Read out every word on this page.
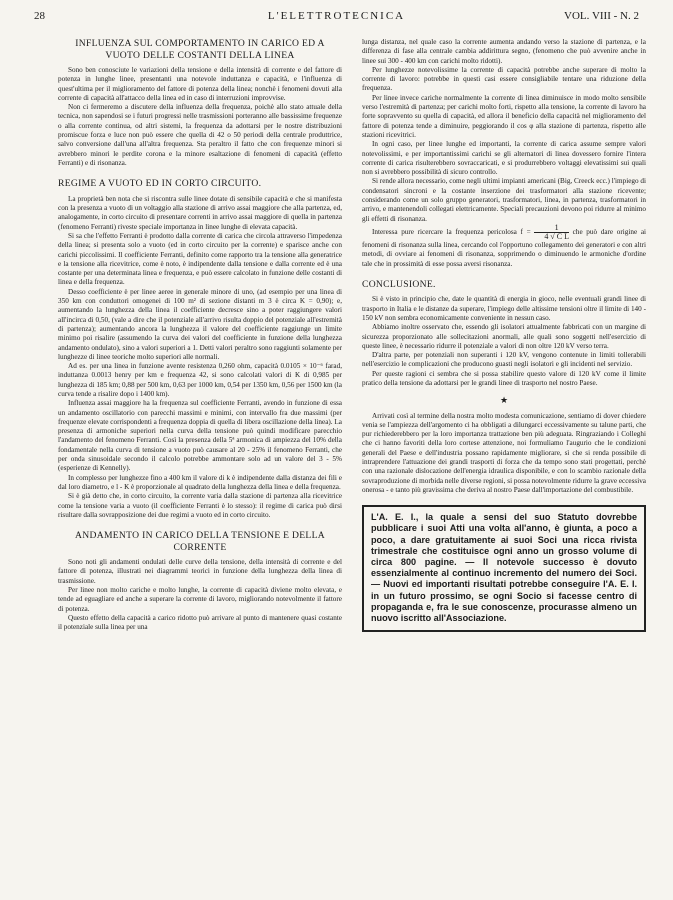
28	L'ELETTROTECNICA	VOL. VIII - N. 2
INFLUENZA SUL COMPORTAMENTO IN CARICO ED A VUOTO DELLE COSTANTI DELLA LINEA

Sono ben conosciute le variazioni della tensione e della intensità di corrente e del fattore di potenza in lunghe linee, presentanti una notevole induttanza e capacità, e l'influenza di quest'ultima per il miglioramento del fattore di potenza della linea; nonchè i fenomeni dovuti alla corrente di capacità all'attacco della linea ed in caso di interruzioni improvvise.

Non ci fermeremo a discutere della influenza della frequenza, poichè allo stato attuale della tecnica, non sapendosi se i futuri progressi nelle trasmissioni porteranno alle bassissime frequenze o alla corrente continua, od altri sistemi, la frequenza da adottarsi per le nostre distribuzioni promiscue forza e luce non può essere che quella di 42 o 50 periodi della centrale produttrice, salvo conversione dall'una all'altra frequenza. Sta peraltro il fatto che con frequenze minori si avrebbero minori le perdite corona e la minore esaltazione di fenomeni di capacità (effetto Ferranti) e di risonanza.

REGIME A VUOTO ED IN CORTO CIRCUITO.

La proprietà ben nota che si riscontra sulle linee dotate di sensibile capacità e che si manifesta con la presenza a vuoto di un voltaggio alla stazione di arrivo assai maggiore che alla partenza, ed, analogamente, in corto circuito di presentare correnti in arrivo assai maggiore di quella in partenza (fenomeno Ferranti) riveste speciale importanza in linee lunghe di elevata capacità.

Si sa che l'effetto Ferranti è prodotto dalla corrente di carica che circola attraverso l'impedenza della linea; si presenta solo a vuoto (ed in corto circuito per la corrente) e sparisce anche con carichi piccolissimi. Il coefficiente Ferranti, definito come rapporto tra la tensione alla generatrice e la tensione alla ricevitrice, come è noto, è indipendente dalla tensione e dalla corrente ed è una costante per una determinata linea e frequenza, e può essere calcolato in funzione delle costanti di linea e della frequenza.

Desso coefficiente è per linee aeree in generale minore di uno, (ad esempio per una linea di 350 km con conduttori omogenei di 100 m² di sezione distanti m 3 è circa K = 0,90); e, aumentando la lunghezza della linea il coefficiente decresce sino a poter raggiungere valori all'incirca di 0,50, (vale a dire che il potenziale all'arrivo risulta doppio del potenziale all'estremità di partenza); aumentando ancora la lunghezza il valore del coefficiente raggiunge un limite minimo poi risalire (assumendo la curva dei valori del coefficiente in funzione della lunghezza andamento ondulato), sino a valori superiori a 1. Detti valori peraltro sono raggiunti solamente per lunghezze di linee teoriche molto superiori alle normali.

Ad es. per una linea in funzione avente resistenza 0,260 ohm, capacità 0.0105 × 10⁻⁶ farad, induttanza 0.0013 henry per km e frequenza 42, si sono calcolati valori di K di 0,985 per lunghezza di 185 km; 0,88 per 500 km, 0,63 per 1000 km, 0,54 per 1350 km, 0,56 per 1500 km (la curva tende a risalire dopo i 1400 km).

Influenza assai maggiore ha la frequenza sul coefficiente Ferranti, avendo in funzione di essa un andamento oscillatorio con parecchi massimi e minimi, con intervallo fra due massimi (per frequenze elevate corrispondenti a frequenza doppia di quella di libera oscillazione della linea). La presenza di armoniche superiori nella curva della tensione può quindi modificare parecchio l'andamento del fenomeno Ferranti. Così la presenza della 5ª armonica di ampiezza del 10% della fondamentale nella curva di tensione a vuoto può causare al 20 - 25% il fenomeno Ferranti, che per onda sinusoidale secondo il calcolo potrebbe ammontare solo ad un valore del 3 - 5% (esperienze di Kennelly).

In complesso per lunghezze fino a 400 km il valore di k è indipendente dalla distanza dei fili e dal loro diametro, e l - K è proporzionale al quadrato della lunghezza della linea e della frequenza.

Si è già detto che, in corto circuito, la corrente varia dalla stazione di partenza alla ricevitrice come la tensione varia a vuoto (il coefficiente Ferranti è lo stesso): il regime di carica può dirsi risultare dalla sovrapposizione dei due regimi a vuoto ed in corto circuito.

ANDAMENTO IN CARICO DELLA TENSIONE E DELLA CORRENTE

Sono noti gli andamenti ondulati delle curve della tensione, della intensità di corrente e del fattore di potenza, illustrati nei diagrammi teorici in funzione della lunghezza della linea di trasmissione.

Per linee non molto cariche e molto lunghe, la corrente di capacità diviene molto elevata, e tende ad eguagliare ed anche a superare la corrente di lavoro, migliorando notevolmente il fattore di potenza.

Questo effetto della capacità a carico ridotto può arrivare al punto di mantenere quasi costante il potenziale sulla linea per una

lunga distanza, nel quale caso la corrente aumenta andando verso la stazione di partenza, e la differenza di fase alla centrale cambia addirittura segno, (fenomeno che può avvenire anche in linee sui 300 - 400 km con carichi molto ridotti).

Per lunghezze notevolissime la corrente di capacità potrebbe anche superare di molto la corrente di lavoro: potrebbe in questi casi essere consigliabile tentare una riduzione della frequenza.

Per linee invece cariche normalmente la corrente di linea diminuisce in modo molto sensibile verso l'estremità di partenza; per carichi molto forti, rispetto alla tensione, la corrente di lavoro ha forte sopravvento su quella di capacità, ed allora il beneficio della capacità nel miglioramento del fattore di potenza tende a diminuire, peggiorando il cos φ alla stazione di partenza, rispetto alle stazioni ricevitrici.

In ogni caso, per linee lunghe ed importanti, la corrente di carica assume sempre valori notevolissimi, e per importantissimi carichi se gli alternatori di linea dovessero fornire l'intera corrente di carica risulterebbero sovraccaricati, e si produrrebbero voltaggi elevatissimi sui quali non si avrebbero possibilità di sicuro controllo.

Si rende allora necessario, come negli ultimi impianti americani (Big, Creeck ecc.) l'impiego di condensatori sincroni e la costante inserzione dei trasformatori alla stazione ricevente; considerando come un solo gruppo generatori, trasformatori, linea, in partenza, trasformatori in arrivo, e mantenendoli collegati elettricamente. Speciali precauzioni devono poi ridurre al minimo gli effetti di risonanza.

Interessa pure ricercare la frequenza pericolosa $f = \frac{1}{\text{4 √ C L}}$ che può dare origine ai fenomeni di risonanza sulla linea, cercando col l'opportuno collegamento dei generatori e con altri metodi, di ovviare ai fenomeni di risonanza, sopprimendo o diminuendo le armoniche d'ordine tale che in prossimità di esse possa aversi risonanza.

CONCLUSIONE.

Si è visto in principio che, date le quantità di energia in gioco, nelle eventuali grandi linee di trasporto in Italia e le distanze da superare, l'impiego delle altissime tensioni oltre il limite di 140 - 150 kV non sembra economicamente conveniente in nessun caso.

Abbiamo inoltre osservato che, essendo gli isolatori attualmente fabbricati con un margine di sicurezza proporzionato alle sollecitazioni anormali, alle quali sono soggetti nell'esercizio di queste linee, è necessario ridurre il potenziale a valori di non oltre 120 kV verso terra.

D'altra parte, per potenziali non superanti i 120 kV, vengono contenute in limiti tollerabili nell'esercizio le complicazioni che producono guasti negli isolatori e gli incidenti nel servizio.

Per queste ragioni ci sembra che si possa stabilire questo valore di 120 kV come il limite pratico della tensione da adottarsi per le grandi linee di trasporto nel nostro Paese.

★

Arrivati così al termine della nostra molto modesta comunicazione, sentiamo di dover chiedere venia se l'ampiezza dell'argomento ci ha obbligati a dilungarci eccessivamente su talune parti, che pur richiederebbero per la loro importanza trattazione ben più adeguata. Ringraziando i Colleghi che ci hanno favoriti della loro cortese attenzione, noi formuliamo l'augurio che le condizioni generali del Paese e dell'industria possano rapidamente migliorare, sì che si renda possibile di intraprendere l'attuazione dei grandi trasporti di forza che da tempo sono stati progettati, perchè con una razionale dislocazione dell'energia idraulica disponibile, e con lo scambio razionale della sovraproduzione di morbida nelle diverse regioni, si possa notevolmente ridurre la grave eccessiva onerosa - e tanto più gravissima che deriva al nostro Paese dall'importazione del combustibile.

L'A. E. I., la quale a sensi del suo Statuto dovrebbe pubblicare i suoi Atti una volta all'anno, è giunta, a poco a poco, a dare gratuitamente ai suoi Soci una ricca rivista trimestrale che costituisce ogni anno un grosso volume di circa 800 pagine. — Il notevole successo è dovuto essenzialmente al continuo incremento del numero dei Soci. — Nuovi ed importanti risultati potrebbe conseguire l'A. E. I. in un futuro prossimo, se ogni Socio si facesse centro di propaganda e, fra le sue conoscenze, procurasse almeno un nuovo iscritto all'Associazione.
